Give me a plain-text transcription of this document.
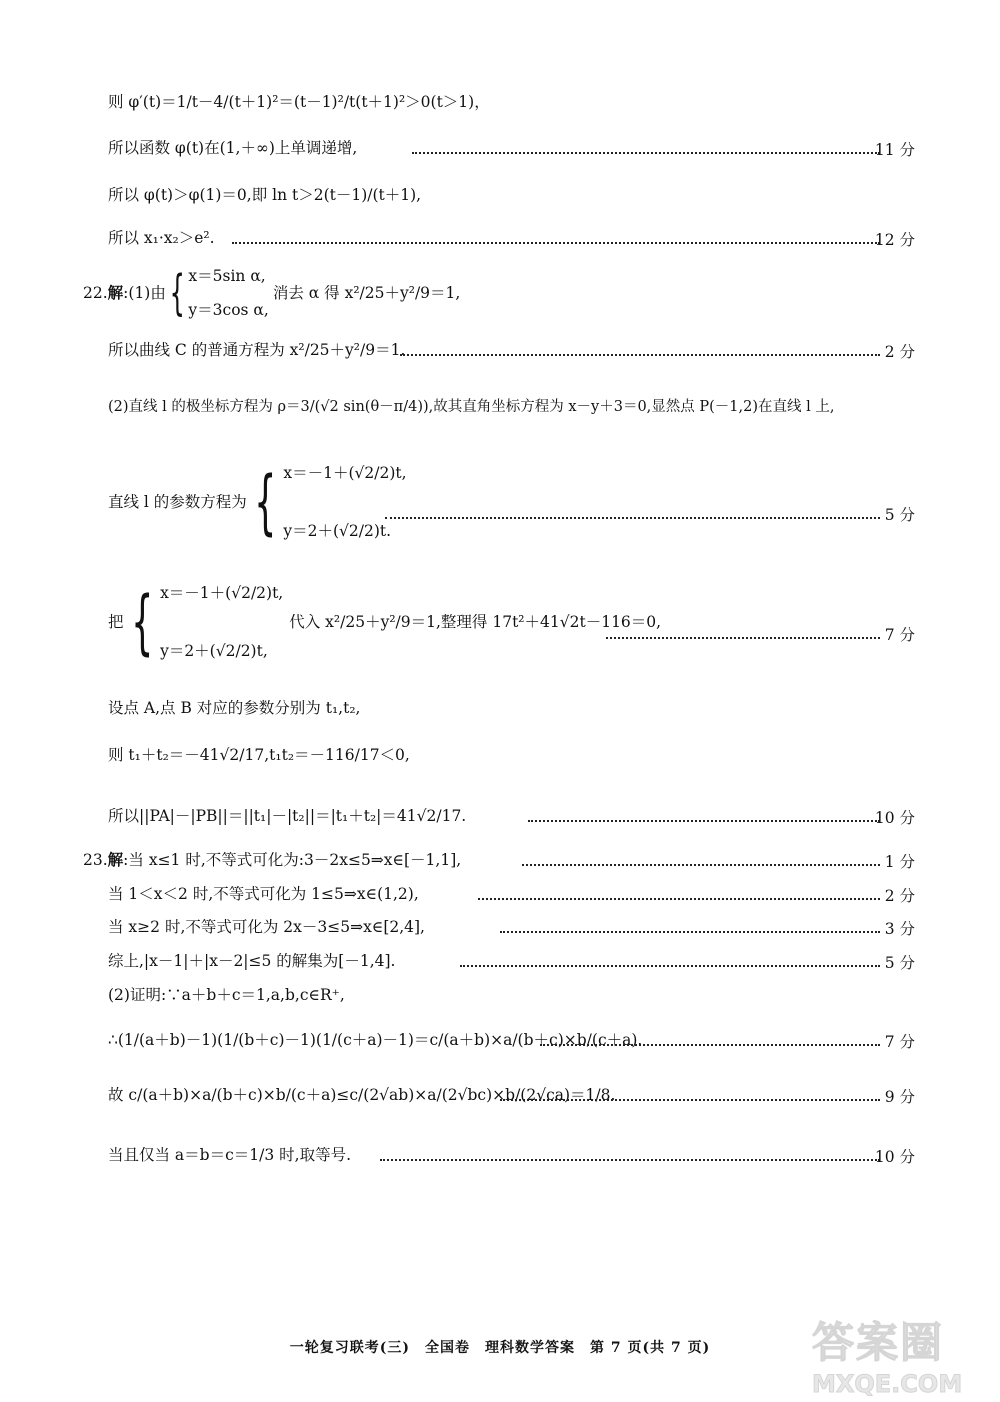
则 φ′(t)＝1/t－4/(t＋1)²＝(t－1)²/t(t＋1)²＞0(t＞1)，
所以函数 φ(t)在(1,＋∞)上单调递增,	11 分
所以 φ(t)＞φ(1)＝0,即 ln t＞2(t－1)/(t＋1),
所以 x₁·x₂＞e².	12 分
22. 解 :(1)由 { x＝5sin α,
y＝3cos α,
消去 α 得 x²/25＋y²/9＝1,
所以曲线 C 的普通方程为 x²/25＋y²/9＝1.	2 分
(2)直线 l 的极坐标方程为 ρ＝3/(√2 sin(θ－π/4)),故其直角坐标方程为 x－y＋3＝0,显然点 P(－1,2)在直线 l 上,
直线 l 的参数方程为 { x＝－1＋(√2/2)t,
y＝2＋(√2/2)t.
5 分
把 { x＝－1＋(√2/2)t,
y＝2＋(√2/2)t,
代入 x²/25＋y²/9＝1,整理得 17t²＋41√2t－116＝0,
7 分
设点 A,点 B 对应的参数分别为 t₁,t₂,
则 t₁＋t₂＝－41√2/17,t₁t₂＝－116/17＜0,
所以||PA|－|PB||＝||t₁|－|t₂||＝|t₁＋t₂|＝41√2/17.	10 分
23.解:当 x≤1 时,不等式可化为:3－2x≤5⇒x∈[－1,1],	1 分
当 1＜x＜2 时,不等式可化为 1≤5⇒x∈(1,2),	2 分
当 x≥2 时,不等式可化为 2x－3≤5⇒x∈[2,4],	3 分
综上,|x－1|＋|x－2|≤5 的解集为[－1,4].	5 分
(2)证明:∵a＋b＋c＝1,a,b,c∈R⁺,
∴(1/(a＋b)－1)(1/(b＋c)－1)(1/(c＋a)－1)＝c/(a＋b)×a/(b＋c)×b/(c＋a).	7 分
故 c/(a＋b)×a/(b＋c)×b/(c＋a)≤c/(2√ab)×a/(2√bc)×b/(2√ca)＝1/8.	9 分
当且仅当 a＝b＝c＝1/3 时,取等号.	10 分
一轮复习联考(三)　全国卷　理科数学答案　第 7 页(共 7 页)	答案圈
MXQE.COM
